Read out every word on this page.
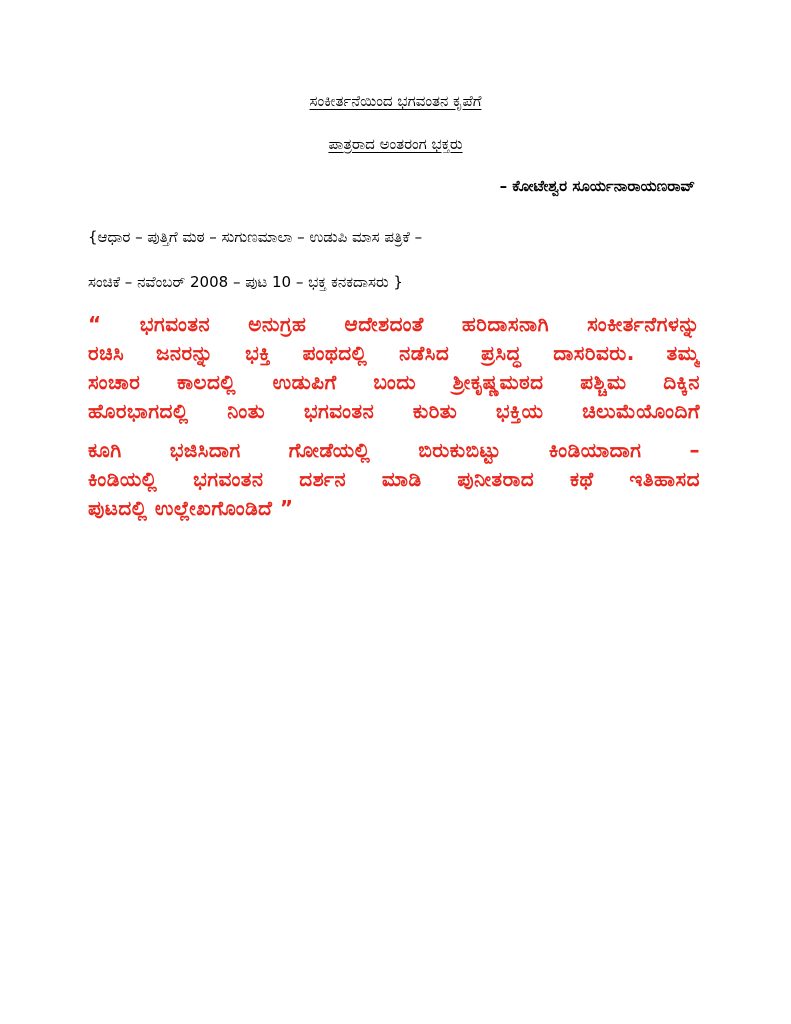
ಸಂಕೀರ್ತನೆಯಿಂದ ಭಗವಂತನ ಕೃಪೆಗೆ
ಪಾತ್ರರಾದ ಅಂತರಂಗ ಭಕ್ತರು
– ಕೋಟೇಶ್ವರ ಸೂರ್ಯನಾರಾಯಣರಾವ್
{ಆಧಾರ – ಪುತ್ತಿಗೆ ಮಠ – ಸುಗುಣಮಾಲಾ – ಉಡುಪಿ ಮಾಸ ಪತ್ರಿಕೆ –
ಸಂಚಿಕೆ – ನವೆಂಬರ್ 2008 – ಪುಟ 10 – ಭಕ್ತ ಕನಕದಾಸರು }
“ ಭಗವಂತನ ಅನುಗ್ರಹ ಆದೇಶದಂತೆ ಹರಿದಾಸನಾಗಿ ಸಂಕೀರ್ತನೆಗಳನ್ನು
ರಚಿಸಿ ಜನರನ್ನು ಭಕ್ತಿ ಪಂಥದಲ್ಲಿ ನಡೆಸಿದ ಪ್ರಸಿದ್ಧ ದಾಸರಿವರು. ತಮ್ಮ
ಸಂಚಾರ ಕಾಲದಲ್ಲಿ ಉಡುಪಿಗೆ ಬಂದು ಶ್ರೀಕೃಷ್ಣಮಠದ ಪಶ್ಚಿಮ ದಿಕ್ಕಿನ
ಹೊರಭಾಗದಲ್ಲಿ ನಿಂತು ಭಗವಂತನ ಕುರಿತು ಭಕ್ತಿಯ ಚಿಲುಮೆಯೊಂದಿಗೆ
ಕೂಗಿ ಭಜಿಸಿದಾಗ ಗೋಡೆಯಲ್ಲಿ ಬಿರುಕುಬಿಟ್ಟು ಕಿಂಡಿಯಾದಾಗ –
ಕಿಂಡಿಯಲ್ಲಿ ಭಗವಂತನ ದರ್ಶನ ಮಾಡಿ ಪುನೀತರಾದ ಕಥೆ ಇತಿಹಾಸದ
ಪುಟದಲ್ಲಿ ಉಲ್ಲೇಖಗೊಂಡಿದೆ ”
